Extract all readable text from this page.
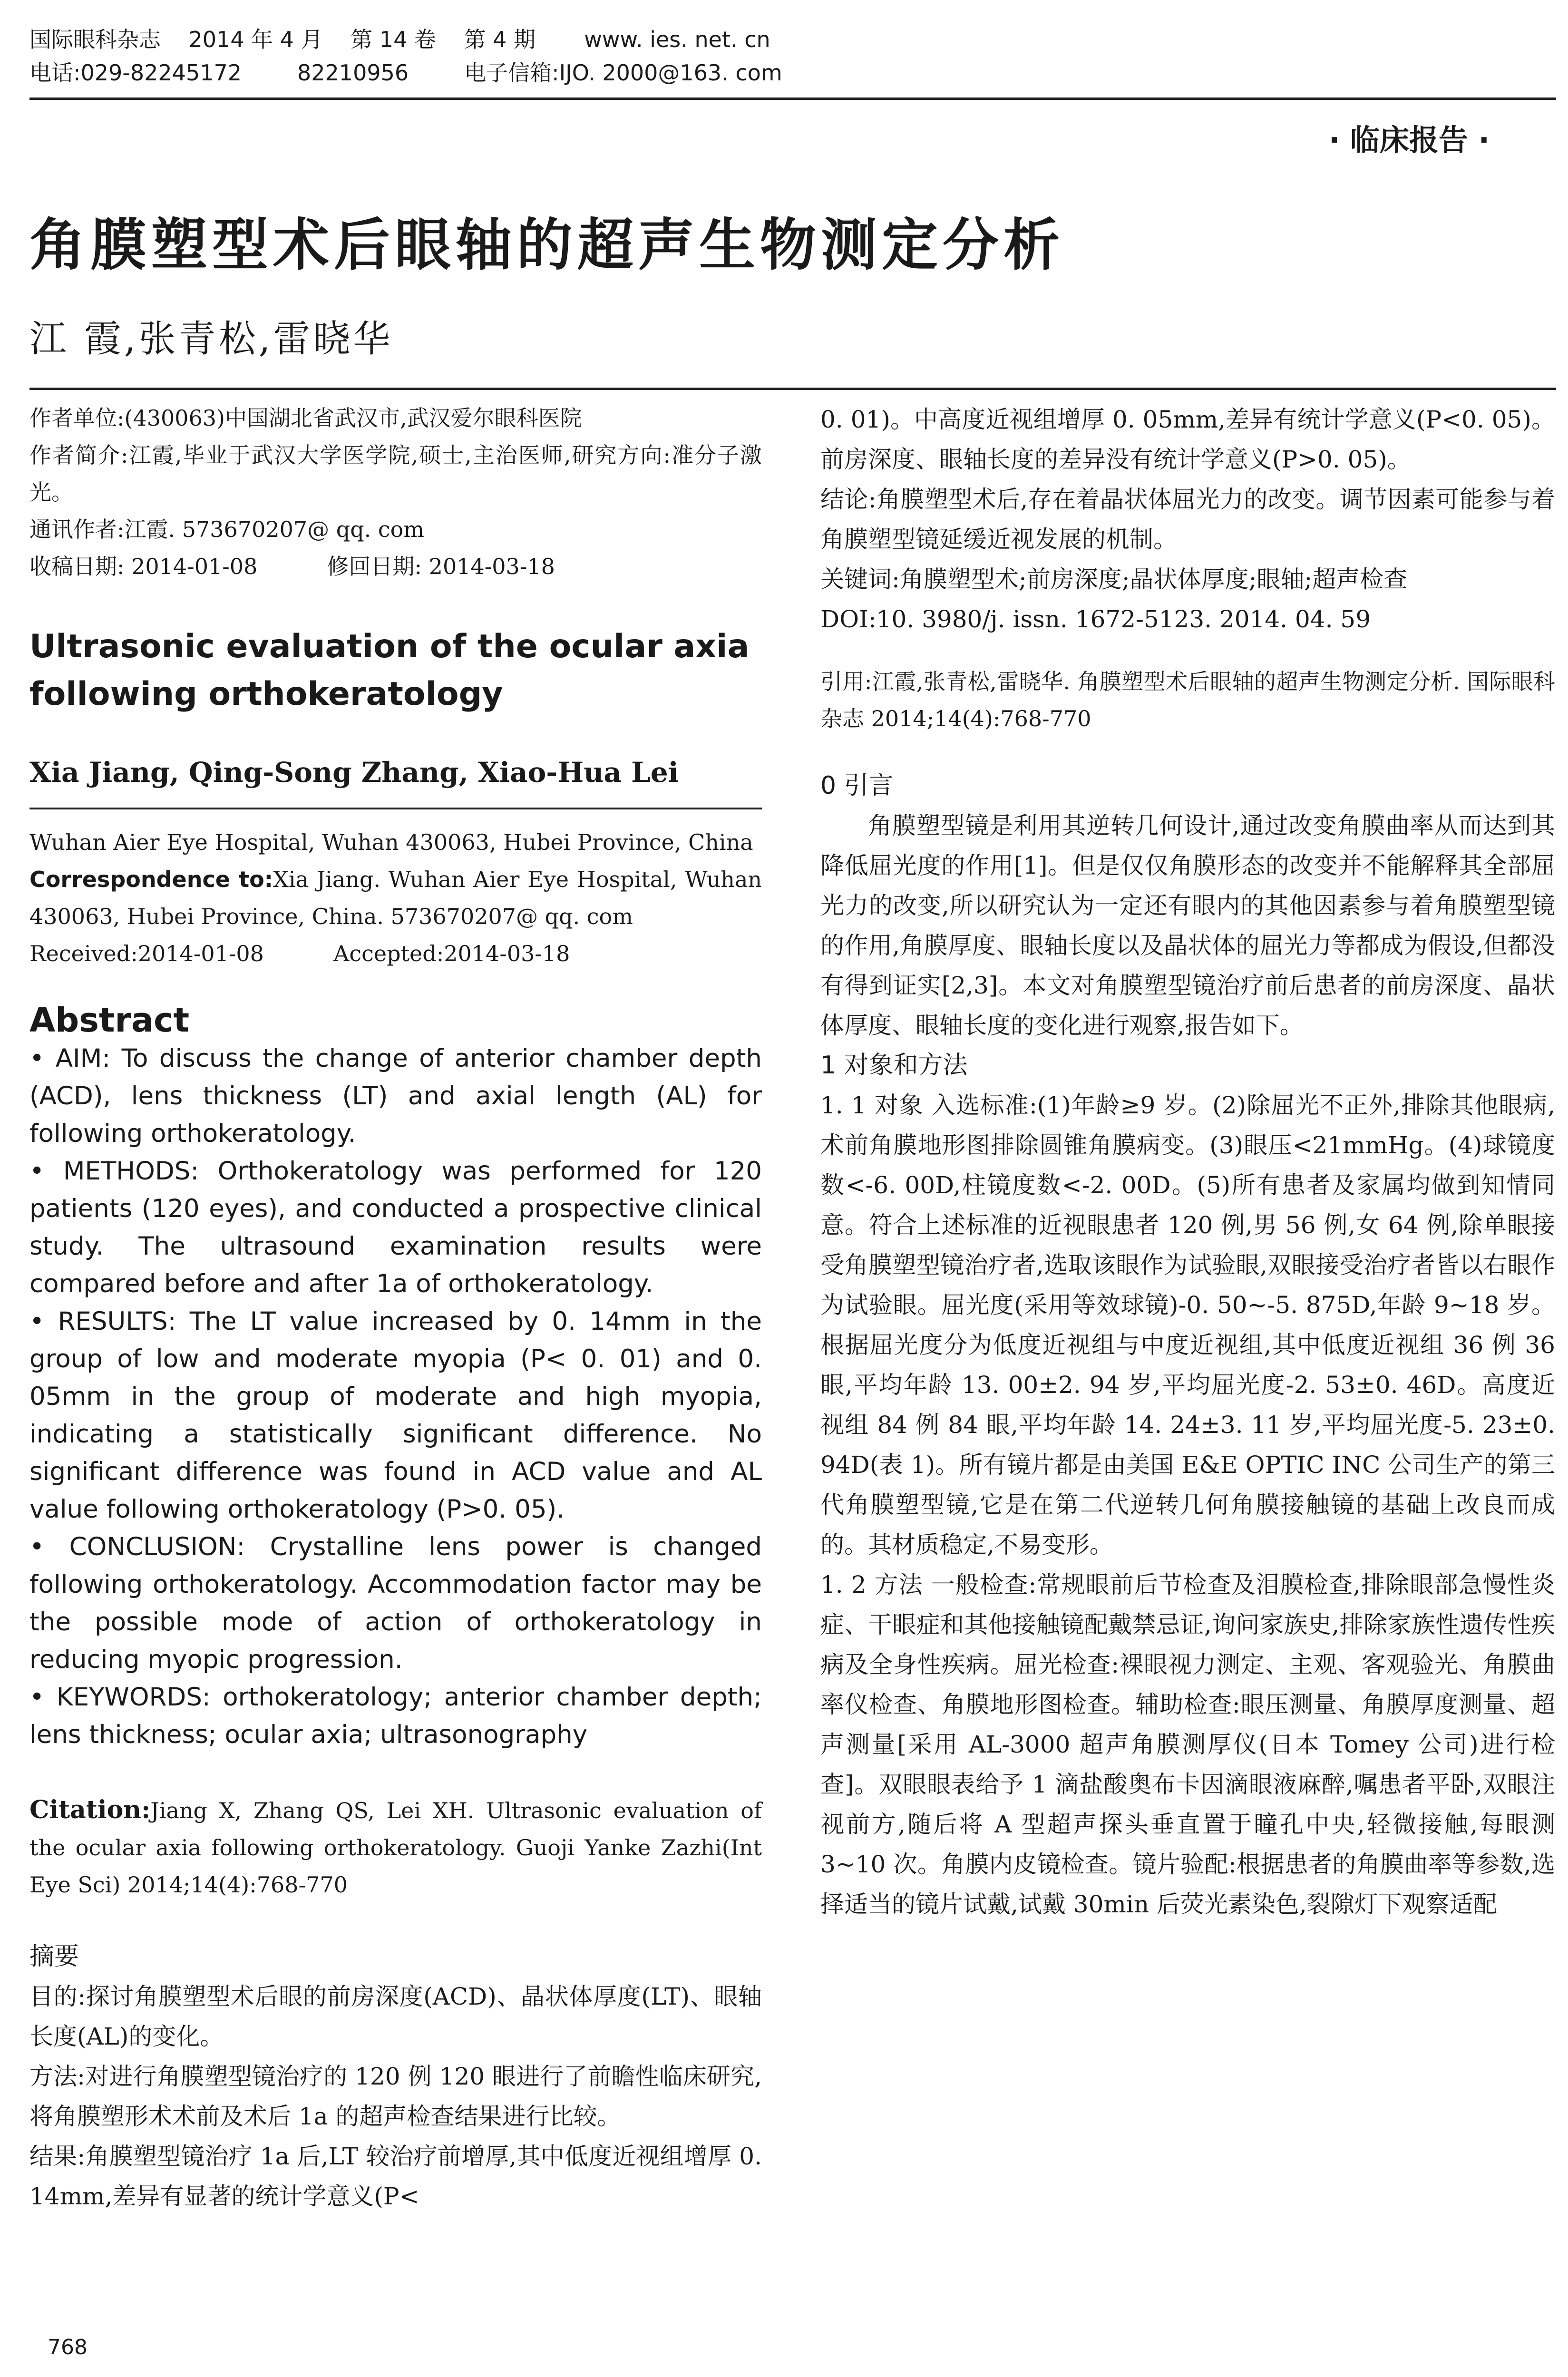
国际眼科杂志    2014 年 4 月    第 14 卷    第 4 期       www. ies. net. cn
电话:029-82245172        82210956        电子信箱:IJO. 2000@163. com
· 临床报告 ·
角膜塑型术后眼轴的超声生物测定分析
江 霞,张青松,雷晓华

作者单位:(430063)中国湖北省武汉市,武汉爱尔眼科医院

作者简介:江霞,毕业于武汉大学医学院,硕士,主治医师,研究方向:准分子激光。

通讯作者:江霞. 573670207@ qq. com

收稿日期: 2014-01-08          修回日期: 2014-03-18

Ultrasonic evaluation of the ocular axia following orthokeratology

Xia Jiang, Qing-Song Zhang, Xiao-Hua Lei

Wuhan Aier Eye Hospital, Wuhan 430063, Hubei Province, China

Correspondence to:Xia Jiang. Wuhan Aier Eye Hospital, Wuhan 430063, Hubei Province, China. 573670207@ qq. com

Received:2014-01-08          Accepted:2014-03-18

Abstract

• AIM: To discuss the change of anterior chamber depth (ACD), lens thickness (LT) and axial length (AL) for following orthokeratology.

• METHODS: Orthokeratology was performed for 120 patients (120 eyes), and conducted a prospective clinical study. The ultrasound examination results were compared before and after 1a of orthokeratology.

• RESULTS: The LT value increased by 0. 14mm in the group of low and moderate myopia (P< 0. 01) and 0. 05mm in the group of moderate and high myopia, indicating a statistically significant difference. No significant difference was found in ACD value and AL value following orthokeratology (P>0. 05).

• CONCLUSION: Crystalline lens power is changed following orthokeratology. Accommodation factor may be the possible mode of action of orthokeratology in reducing myopic progression.

• KEYWORDS: orthokeratology; anterior chamber depth; lens thickness; ocular axia; ultrasonography

Citation:Jiang X, Zhang QS, Lei XH. Ultrasonic evaluation of the ocular axia following orthokeratology. Guoji Yanke Zazhi(Int Eye Sci) 2014;14(4):768-770

摘要

目的:探讨角膜塑型术后眼的前房深度(ACD)、晶状体厚度(LT)、眼轴长度(AL)的变化。

方法:对进行角膜塑型镜治疗的 120 例 120 眼进行了前瞻性临床研究,将角膜塑形术术前及术后 1a 的超声检查结果进行比较。

结果:角膜塑型镜治疗 1a 后,LT 较治疗前增厚,其中低度近视组增厚 0. 14mm,差异有显著的统计学意义(P<

0. 01)。中高度近视组增厚 0. 05mm,差异有统计学意义(P<0. 05)。前房深度、眼轴长度的差异没有统计学意义(P>0. 05)。

结论:角膜塑型术后,存在着晶状体屈光力的改变。调节因素可能参与着角膜塑型镜延缓近视发展的机制。

关键词:角膜塑型术;前房深度;晶状体厚度;眼轴;超声检查

DOI:10. 3980/j. issn. 1672-5123. 2014. 04. 59

引用:江霞,张青松,雷晓华. 角膜塑型术后眼轴的超声生物测定分析. 国际眼科杂志 2014;14(4):768-770

0 引言

角膜塑型镜是利用其逆转几何设计,通过改变角膜曲率从而达到其降低屈光度的作用[1]。但是仅仅角膜形态的改变并不能解释其全部屈光力的改变,所以研究认为一定还有眼内的其他因素参与着角膜塑型镜的作用,角膜厚度、眼轴长度以及晶状体的屈光力等都成为假设,但都没有得到证实[2,3]。本文对角膜塑型镜治疗前后患者的前房深度、晶状体厚度、眼轴长度的变化进行观察,报告如下。

1 对象和方法

1. 1 对象 入选标准:(1)年龄≥9 岁。(2)除屈光不正外,排除其他眼病,术前角膜地形图排除圆锥角膜病变。(3)眼压<21mmHg。(4)球镜度数<-6. 00D,柱镜度数<-2. 00D。(5)所有患者及家属均做到知情同意。符合上述标准的近视眼患者 120 例,男 56 例,女 64 例,除单眼接受角膜塑型镜治疗者,选取该眼作为试验眼,双眼接受治疗者皆以右眼作为试验眼。屈光度(采用等效球镜)-0. 50~-5. 875D,年龄 9~18 岁。根据屈光度分为低度近视组与中度近视组,其中低度近视组 36 例 36 眼,平均年龄 13. 00±2. 94 岁,平均屈光度-2. 53±0. 46D。高度近视组 84 例 84 眼,平均年龄 14. 24±3. 11 岁,平均屈光度-5. 23±0. 94D(表 1)。所有镜片都是由美国 E&E OPTIC INC 公司生产的第三代角膜塑型镜,它是在第二代逆转几何角膜接触镜的基础上改良而成的。其材质稳定,不易变形。

1. 2 方法 一般检查:常规眼前后节检查及泪膜检查,排除眼部急慢性炎症、干眼症和其他接触镜配戴禁忌证,询问家族史,排除家族性遗传性疾病及全身性疾病。屈光检查:裸眼视力测定、主观、客观验光、角膜曲率仪检查、角膜地形图检查。辅助检查:眼压测量、角膜厚度测量、超声测量[采用 AL-3000 超声角膜测厚仪(日本 Tomey 公司)进行检查]。双眼眼表给予 1 滴盐酸奥布卡因滴眼液麻醉,嘱患者平卧,双眼注视前方,随后将 A 型超声探头垂直置于瞳孔中央,轻微接触,每眼测 3~10 次。角膜内皮镜检查。镜片验配:根据患者的角膜曲率等参数,选择适当的镜片试戴,试戴 30min 后荧光素染色,裂隙灯下观察适配

768
